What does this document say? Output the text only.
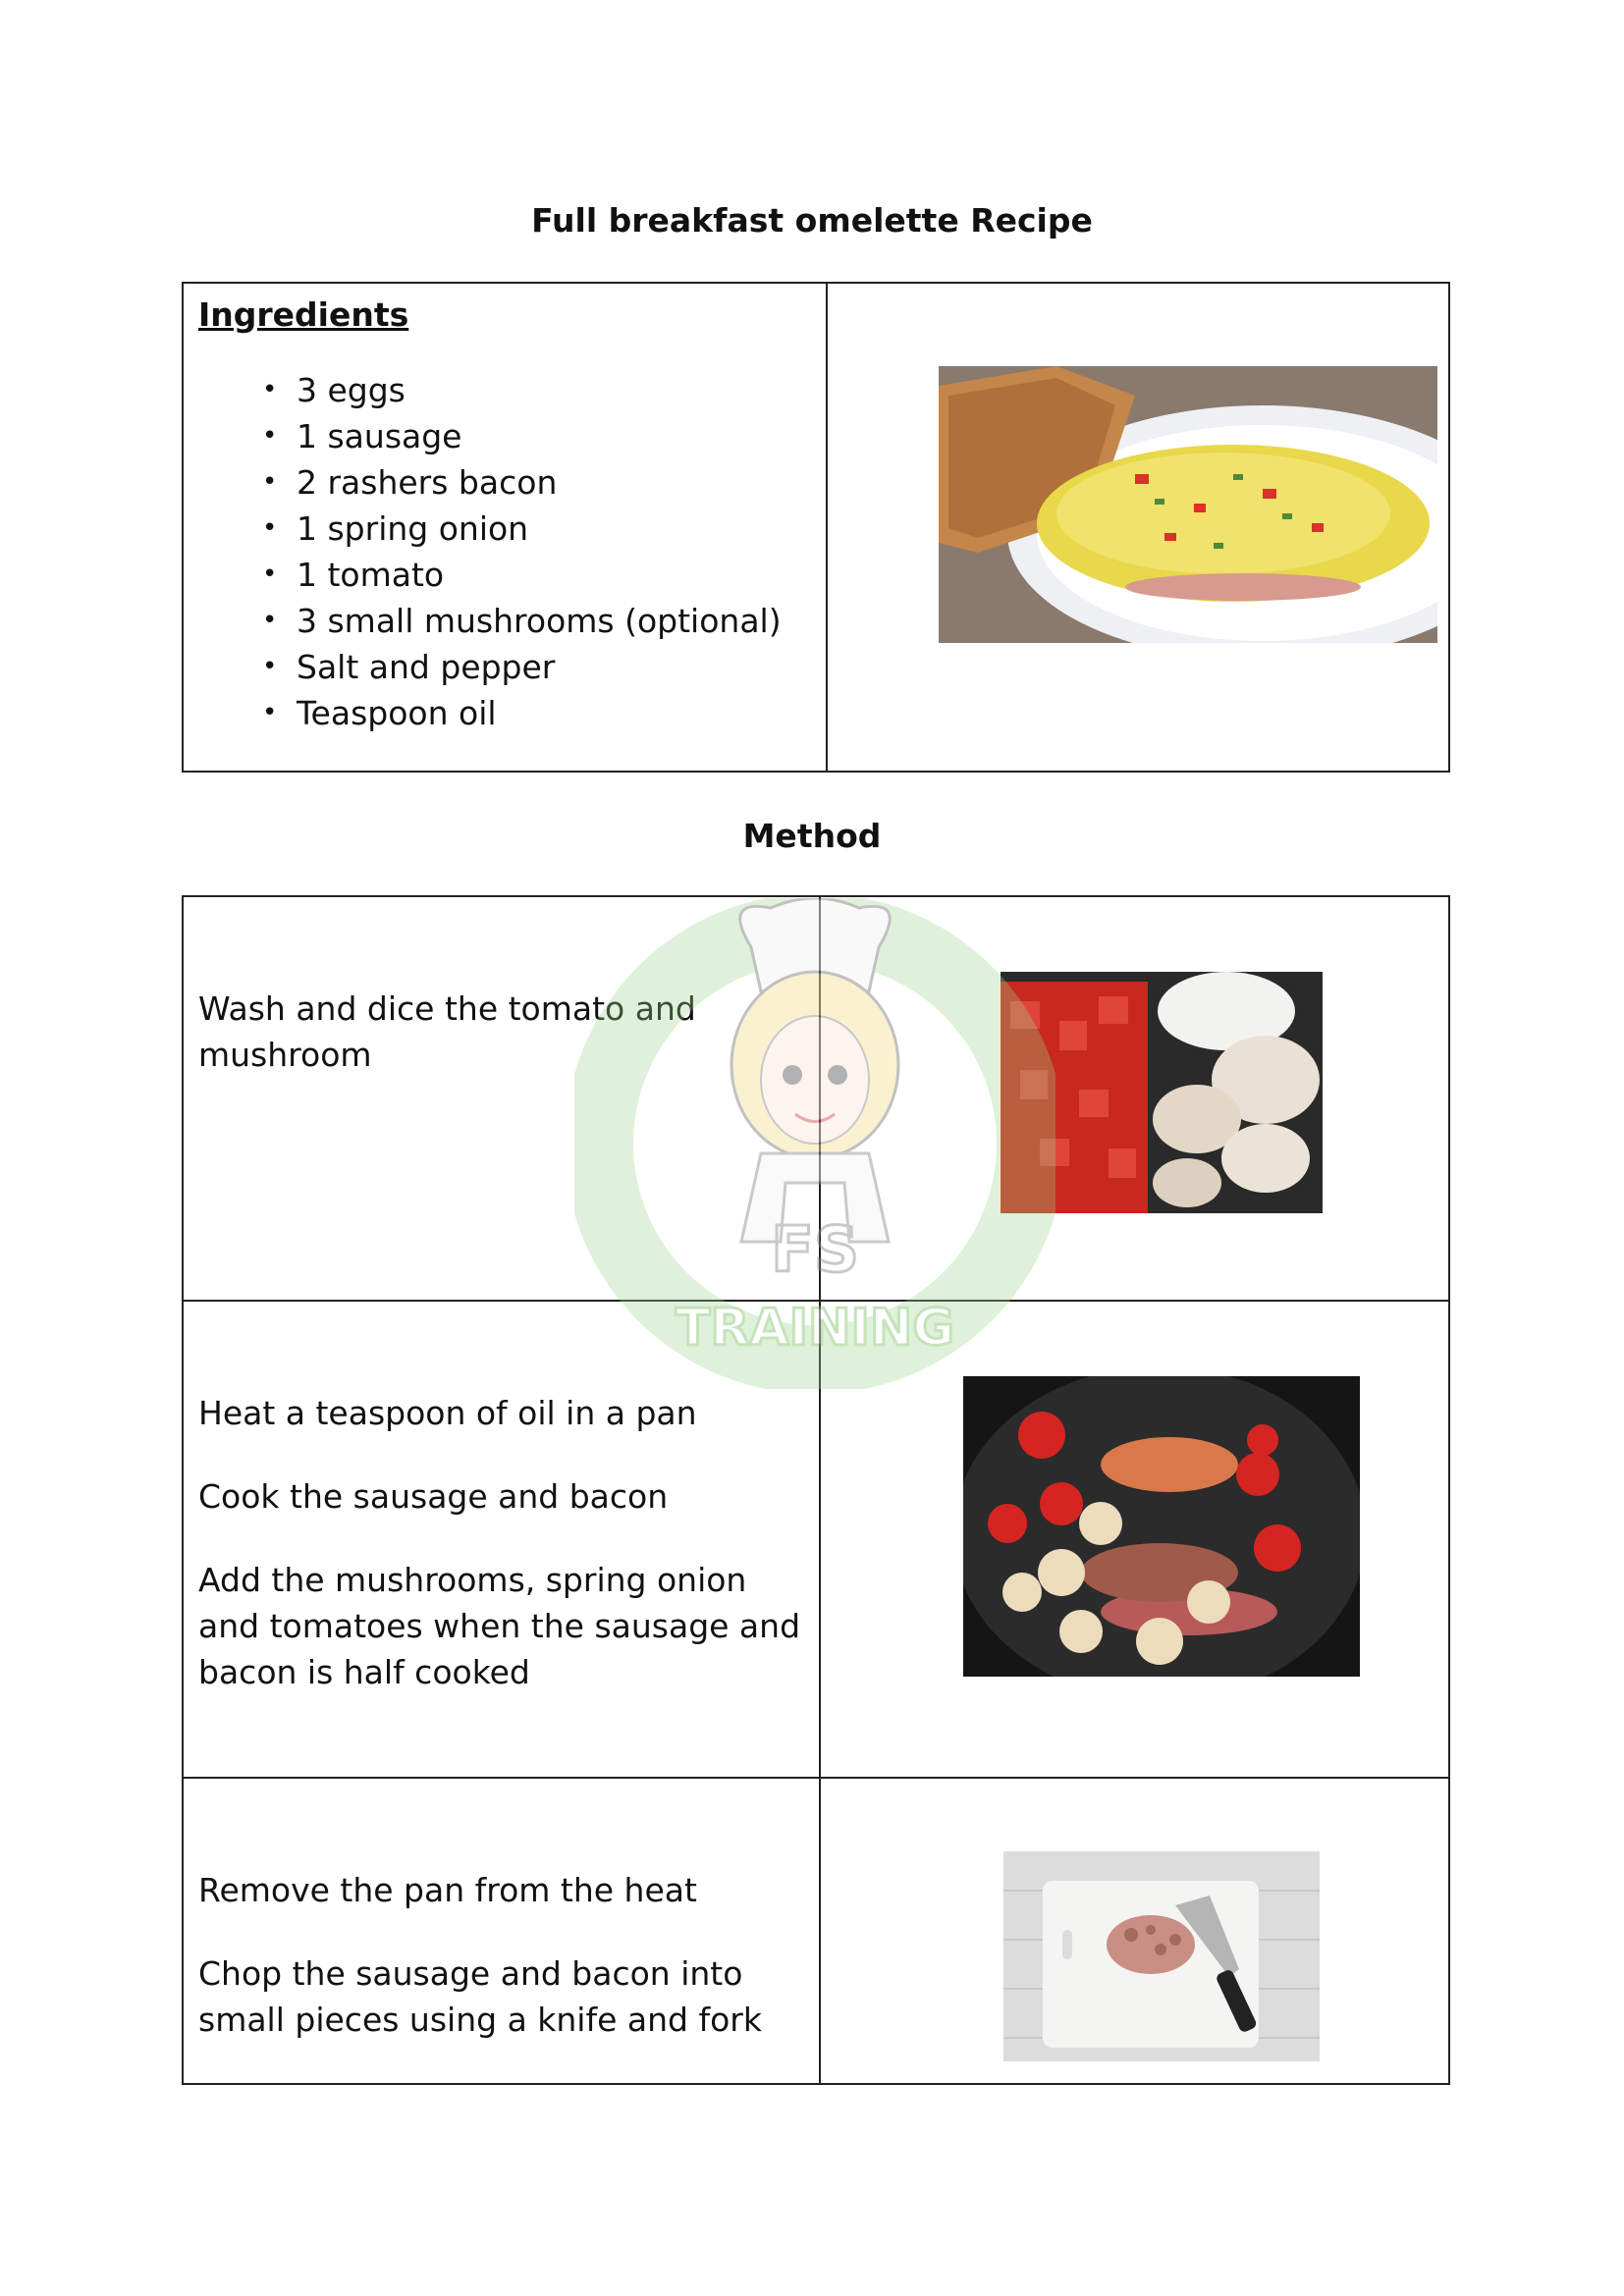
Full breakfast omelette Recipe
Ingredients
• 3 eggs
• 1 sausage
• 2 rashers bacon
• 1 spring onion
• 1 tomato
• 3 small mushrooms (optional)
• Salt and pepper
• Teaspoon oil

Method

Wash and dice the tomato and mushroom

Heat a teaspoon of oil in a pan

Cook the sausage and bacon

Add the mushrooms, spring onion and tomatoes when the sausage and bacon is half cooked

Remove the pan from the heat

Chop the sausage and bacon into small pieces using a knife and fork

FS
TRAINING
